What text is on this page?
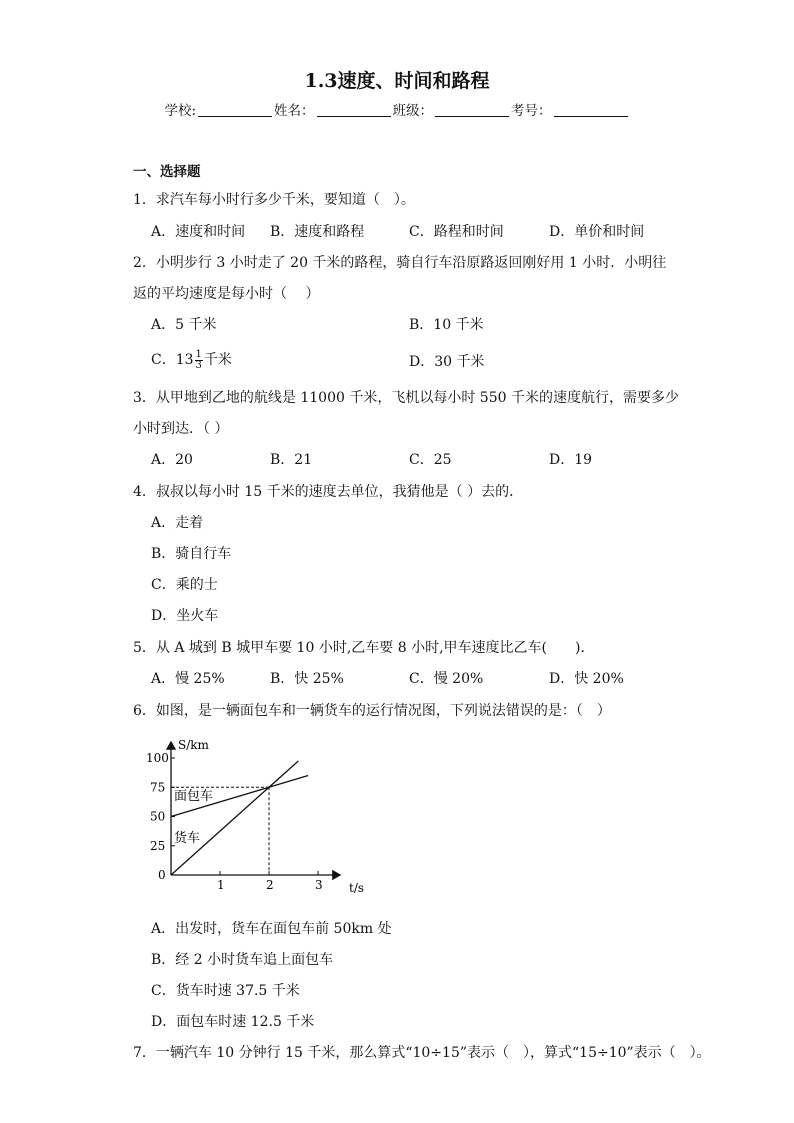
1.3速度、时间和路程
学校:	姓名：	班级：	考号：
一、选择题
1．求汽车每小时行多少千米，要知道（　）。
A．速度和时间 B．速度和路程	C．路程和时间	D．单价和时间
2．小明步行 3 小时走了 20 千米的路程，骑自行车沿原路返回刚好用 1 小时．小明往
返的平均速度是每小时（　 ）
A．5 千米	B．10 千米
C．$13 \frac{1}{3}$ 千米	D．30 千米
3．从甲地到乙地的航线是 11000 千米，飞机以每小时 550 千米的速度航行，需要多少
小时到达．（ ）
A．20	B．21	C．25	D．19
4．叔叔以每小时 15 千米的速度去单位，我猜他是（ ）去的．
A．走着
B．骑自行车
C．乘的士
D．坐火车
5．从 A 城到 B 城甲车要 10 小时,乙车要 8 小时,甲车速度比乙车(　　)．
A．慢 25%	B．快 25%	C．慢 20%	D．快 20%
6．如图，是一辆面包车和一辆货车的运行情况图，下列说法错误的是：（　）
S/km
t/s
1	2	3
0
25
50
75
100
面包车
货车
A．出发时，货车在面包车前 50km 处
B．经 2 小时货车追上面包车
C．货车时速 37.5 千米
D．面包车时速 12.5 千米
7．一辆汽车 10 分钟行 15 千米，那么算式“10÷15”表示（　），算式“15÷10”表示（　）。
